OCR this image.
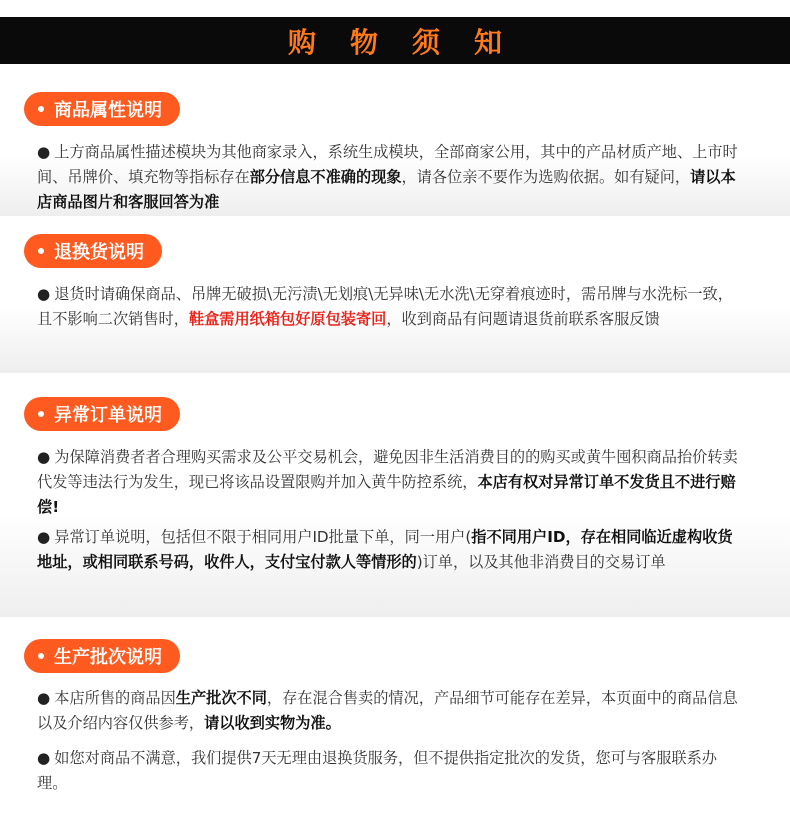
购物须知
商品属性说明
● 上方商品属性描述模块为其他商家录入，系统生成模块，全部商家公用，其中的产品材质产地、上市时间、吊牌价、填充物等指标存在部分信息不准确的现象，请各位亲不要作为选购依据。如有疑问，请以本店商品图片和客服回答为准
退换货说明
● 退货时请确保商品、吊牌无破损\无污渍\无划痕\无异味\无水洗\无穿着痕迹时，需吊牌与水洗标一致，且不影响二次销售时，鞋盒需用纸箱包好原包装寄回，收到商品有问题请退货前联系客服反馈
异常订单说明
● 为保障消费者者合理购买需求及公平交易机会，避免因非生活消费目的的购买或黄牛囤积商品抬价转卖代发等违法行为发生，现已将该品设置限购并加入黄牛防控系统，本店有权对异常订单不发货且不进行赔偿!
● 异常订单说明，包括但不限于相同用户ID批量下单，同一用户(指不同用户ID，存在相同临近虚构收货地址，或相同联系号码，收件人，支付宝付款人等情形的)订单，以及其他非消费目的交易订单
生产批次说明
● 本店所售的商品因生产批次不同，存在混合售卖的情况，产品细节可能存在差异，本页面中的商品信息以及介绍内容仅供参考，请以收到实物为准。
● 如您对商品不满意，我们提供7天无理由退换货服务，但不提供指定批次的发货，您可与客服联系办理。
